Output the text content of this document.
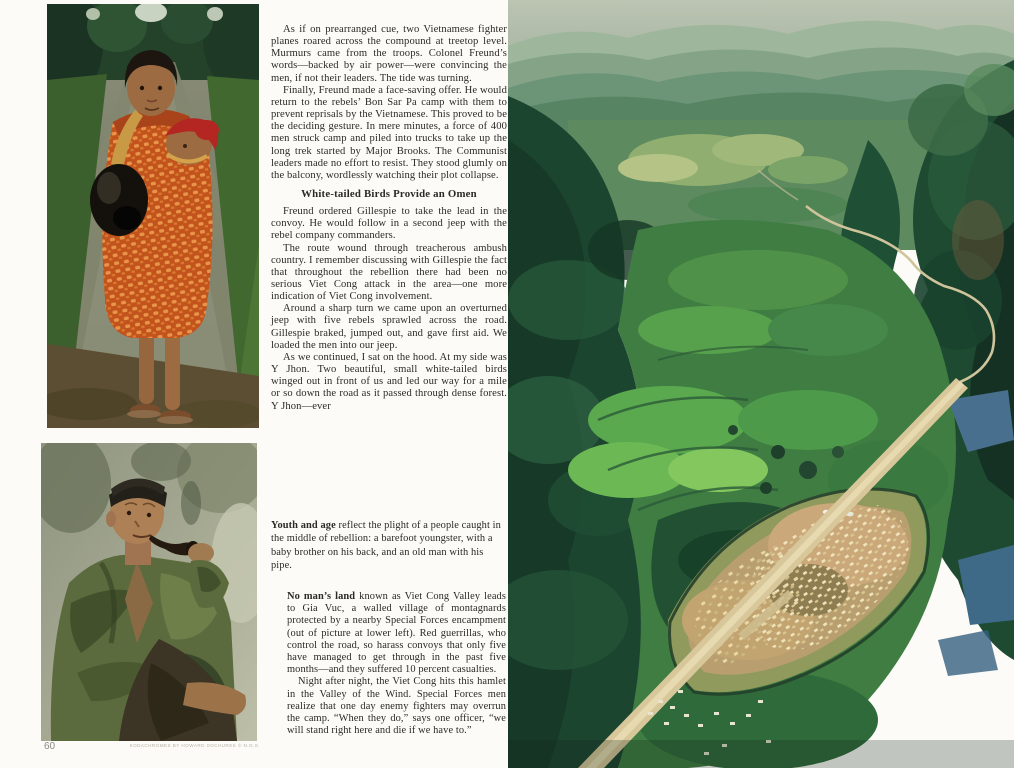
As if on prearranged cue, two Vietnamese fighter planes roared across the compound at treetop level. Murmurs came from the troops. Colonel Freund’s words—backed by air power—were convincing the men, if not their leaders. The tide was turning.

Finally, Freund made a face-saving offer. He would return to the rebels’ Bon Sar Pa camp with them to prevent reprisals by the Vietnamese. This proved to be the deciding gesture. In mere minutes, a force of 400 men struck camp and piled into trucks to take up the long trek started by Major Brooks. The Communist leaders made no effort to resist. They stood glumly on the balcony, wordlessly watching their plot collapse.

White-tailed Birds Provide an Omen

Freund ordered Gillespie to take the lead in the convoy. He would follow in a second jeep with the rebel company commanders.

The route wound through treacherous ambush country. I remember discussing with Gillespie the fact that throughout the rebellion there had been no serious Viet Cong attack in the area—one more indication of Viet Cong involvement.

Around a sharp turn we came upon an overturned jeep with five rebels sprawled across the road. Gillespie braked, jumped out, and gave first aid. We loaded the men into our jeep.

As we continued, I sat on the hood. At my side was Y Jhon. Two beautiful, small white-tailed birds winged out in front of us and led our way for a mile or so down the road as it passed through dense forest. Y Jhon—ever

Youth and age reflect the plight of a people caught in the middle of rebellion: a barefoot youngster, with a baby brother on his back, and an old man with his pipe.

No man’s land known as Viet Cong Valley leads to Gia Vuc, a walled village of montagnards protected by a nearby Special Forces encampment (out of picture at lower left). Red guerrillas, who control the road, so harass convoys that only five have managed to get through in the past five months—and they suffered 10 percent casualties.

Night after night, the Viet Cong hits this hamlet in the Valley of the Wind. Special Forces men realize that one day enemy fighters may overrun the camp. “When they do,” says one officer, “we will stand right here and die if we have to.”

60	KODACHROMES BY HOWARD SOCHUREK © N.G.S.
